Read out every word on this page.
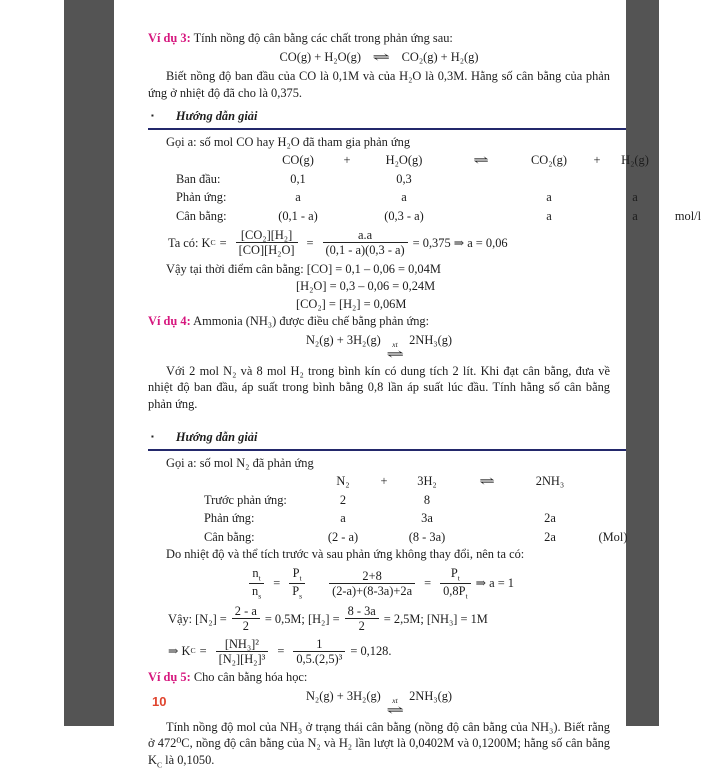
Ví dụ 3: Tính nồng độ cân bằng các chất trong phản ứng sau:

CO(g) + H₂O(g) ⇌ CO₂(g) + H₂(g)

Biết nồng độ ban đầu của CO là 0,1M và của H₂O là 0,3M. Hằng số cân bằng của phản ứng ở nhiệt độ đã cho là 0,375.

▪ Hướng dẫn giải

Gọi a: số mol CO hay H₂O đã tham gia phản ứng

CO(g)	+	H₂O(g)	⇌	CO₂(g)	+	H₂(g)
Ban đầu:	0,1	0,3
Phản ứng:	a	a	a	a
Cân bằng:	(0,1 - a)	(0,3 - a)	a	a	mol/l
Ta có: K $C = \frac{\text{[CO₂][H₂]}}{\text{[CO][H₂O]}} = \frac{a.a}{(0,1 - a)(0,3 - a)} = 0,375$ ⇒ a = 0,06

Vậy tại thời điểm cân bằng: [CO] = 0,1 – 0,06 = 0,04M

[H₂O] = 0,3 – 0,06 = 0,24M

[CO₂] = [H₂] = 0,06M

Ví dụ 4: Ammonia (NH₃) được điều chế bằng phản ứng:

N₂(g) + 3H₂(g) xt
⇌
2NH₃(g)

Với 2 mol N₂ và 8 mol H₂ trong bình kín có dung tích 2 lít. Khi đạt cân bằng, đưa về nhiệt độ ban đầu, áp suất trong bình bằng 0,8 lần áp suất lúc đầu. Tính hằng số cân bằng phản ứng.

▪ Hướng dẫn giải

Gọi a: số mol N₂ đã phản ứng

N₂	+	3H₂	⇌	2NH₃
Trước phản ứng:	2	8
Phản ứng:	a	3a	2a
Cân bằng:	(2 - a)	(8 - 3a)	2a	(Mol)

Do nhiệt độ và thể tích trước và sau phản ứng không thay đổi, nên ta có:

$\frac{n_t}{n_s} = \frac{P_t}{P_s} \frac{2+8}{(2-a)+(8-3a)+2a} = \frac{P_t}{0,8P_t}$ ⇒ a = 1
Vậy: $[N_2] = \frac{2 - a}{2} = 0,5M$; $[H_2] = \frac{8 - 3a}{2} = 2,5M$; [NH₃] = 1M
⇒ K $C = \frac{\text{[NH₃]²}}{\text{[N₂][H₂]³}} = \frac{1}{\text{0,5.(2,5)³}} = 0,128$.

Ví dụ 5: Cho cân bằng hóa học:

N₂(g) + 3H₂(g) xt
⇌
2NH₃(g)

Tính nồng độ mol của NH₃ ở trạng thái cân bằng (nồng độ cân bằng của NH₃). Biết rằng ở 472⁰C, nồng độ cân bằng của N₂ và H₂ lần lượt là 0,0402M và 0,1200M; hằng số cân bằng $K_C$ là 0,1050.

10
